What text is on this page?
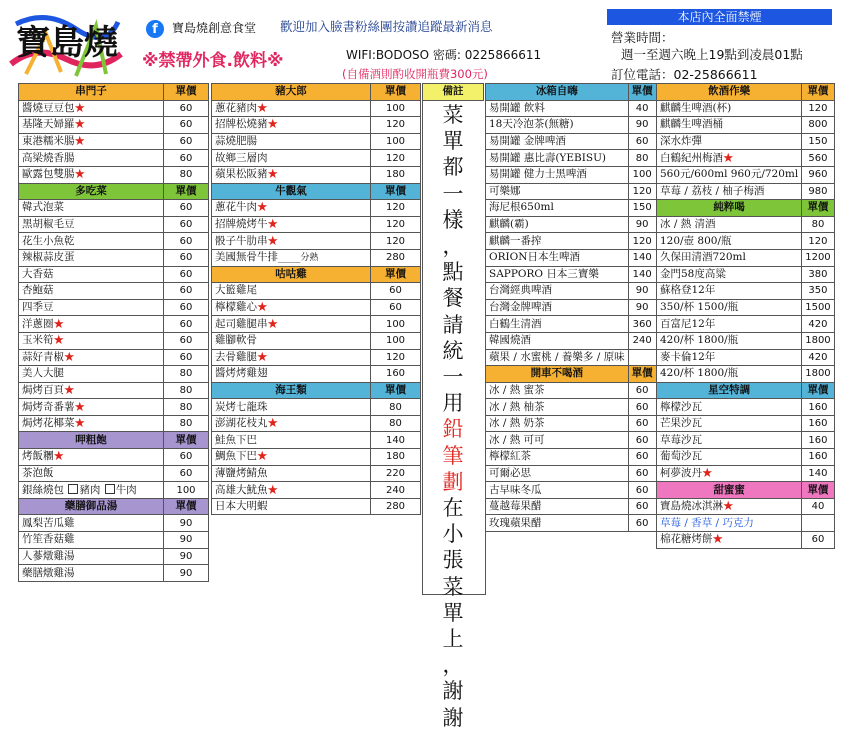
寶島燒	f	寶島燒創意食堂 歡迎加入臉書粉絲團按讚追蹤最新消息
※禁帶外食.飲料※	WIFI:BODOSO 密碼: 0225866611
(自備酒則酌收開瓶費300元)
本店內全面禁煙
營業時間：
週一至週六晚上19點到凌晨01點
訂位電話：02-25866611
串門子	單價
醬燒豆豆包★	60
基隆天婦羅★	60
東港糯米腸★	60
高梁燒香腸	60
歐露包雙腸★	80
多吃菜	單價
韓式泡菜	60
黑胡椒毛豆	60
花生小魚乾	60
辣椒蒜皮蛋	60
大香菇	60
杏鮑菇	60
四季豆	60
洋蔥圈★	60
玉米筍★	60
蒜好青椒★	60
美人大腿	80
焗烤百頁★	80
焗烤奇番薯★	80
焗烤花椰菜★	80
呷粗飽	單價
烤飯糰★	60
茶泡飯	60
銀絲燒包 豬肉 牛肉	100
藥膳御品湯	單價
鳳梨苦瓜雞	90
竹笙香菇雞	90
人蔘燉雞湯	90
藥膳燉雞湯	90
豬大郎	單價
蔥花豬肉★	100
招牌松燒豬★	120
蒜燒肥腸	100
故鄉三層肉	120
蘋果松阪豬★	180
牛觀氣	單價
蔥花牛肉★	120
招牌燒烤牛★	120
骰子牛肋串★	120
美國無骨牛排_____分熟	280
咕咕雞	單價
大籃雞尾	60
檸檬雞心★	60
起司雞腿串★	100
雞腳軟骨	100
去骨雞腿★	120
醬烤烤雞翅	160
海王類	單價
炭烤七龍珠	80
澎湖花枝丸★	80
鮭魚下巴	140
鯛魚下巴★	180
薄鹽烤鯖魚	220
高雄大魷魚★	240
日本大明蝦	280
冰箱自嗨	單價
易開罐 飲料	40
18天冷泡茶(無糖)	90
易開罐 金牌啤酒	60
易開罐 惠比壽(YEBISU)	80
易開罐 健力士黑啤酒	100
可樂娜	120
海尼根650ml	150
麒麟(霸)	90
麒麟一番搾	120
ORION日本生啤酒	140
SAPPORO 日本三寶樂	140
台灣經典啤酒	90
台灣金牌啤酒	90
白鶴生清酒	360
韓國燒酒	240
蘋果 / 水蜜桃 / 養樂多 / 原味	
開車不喝酒	單價
冰 / 熱 蜜茶	60
冰 / 熱 柚茶	60
冰 / 熱 奶茶	60
冰 / 熱 可可	60
檸檬紅茶	60
可爾必思	60
古早味冬瓜	60
蔓越莓果醋	60
玫瑰蘋果醋	60
飲酒作樂	單價
麒麟生啤酒(杯)	120
麒麟生啤酒桶	800
深水炸彈	150
白鶴紀州梅酒★	560
560元/600ml 960元/720ml	960
草莓 / 荔枝 / 柚子梅酒	980
純粹喝	單價
冰 / 熱 清酒	80
120/壺 800/瓶	120
久保田清酒720ml	1200
金門58度高粱	380
蘇格登12年	350
350/杯 1500/瓶	1500
百富尼12年	420
420/杯 1800/瓶	1800
麥卡倫12年	420
420/杯 1800/瓶	1800
星空特調	單價
檸檬沙瓦	160
芒果沙瓦	160
草莓沙瓦	160
葡萄沙瓦	160
柯夢波丹★	140
甜蜜蜜	單價
寶島燒冰淇淋★	40
草莓 / 香草 / 巧克力	
棉花糖烤餅★	60
備註
菜
單
都
一
樣
，
點
餐
請
統
一
用
鉛
筆
劃
在
小
張
菜
單
上
，
謝
謝
